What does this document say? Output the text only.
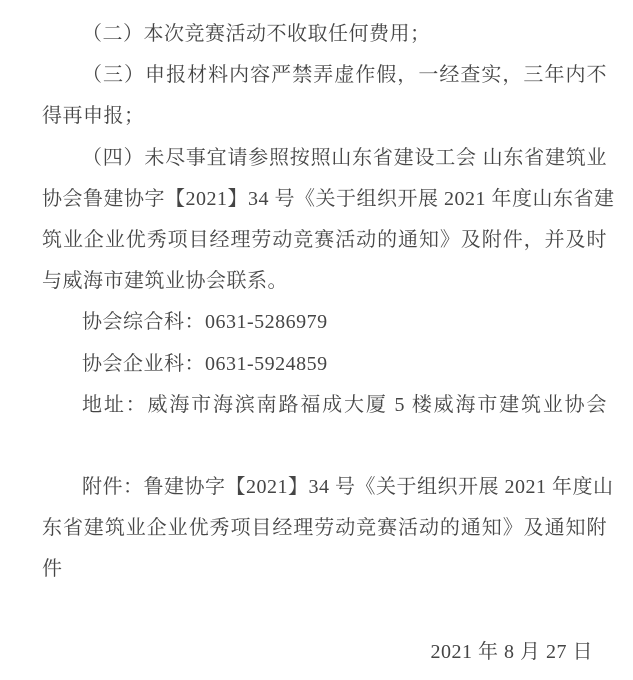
（二）本次竞赛活动不收取任何费用；
（三）申报材料内容严禁弄虚作假，一经查实，三年内不
得再申报；
（四）未尽事宜请参照按照山东省建设工会 山东省建筑业
协会鲁建协字【2021】34 号《关于组织开展 2021 年度山东省建
筑业企业优秀项目经理劳动竞赛活动的通知》及附件，并及时
与威海市建筑业协会联系。
协会综合科：0631-5286979
协会企业科：0631-5924859
地址：威海市海滨南路福成大厦 5 楼威海市建筑业协会
附件：鲁建协字【2021】34 号《关于组织开展 2021 年度山
东省建筑业企业优秀项目经理劳动竞赛活动的通知》及通知附
件
2021 年 8 月 27 日
